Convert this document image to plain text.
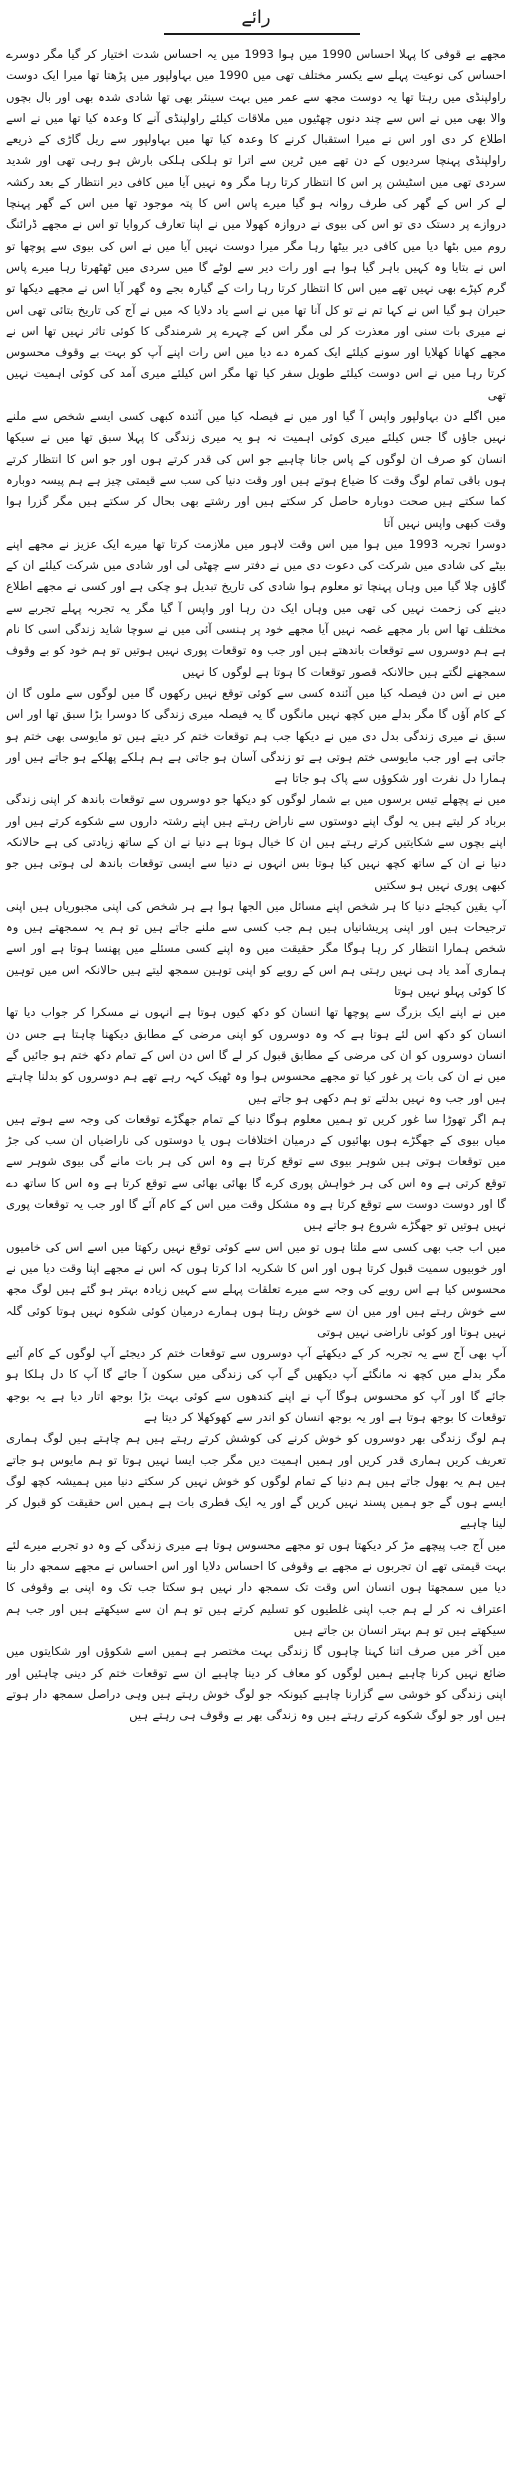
رائے

مجھے بے قوفی کا پہلا احساس 1990 میں ہوا 1993 میں یہ احساس شدت اختیار کر گیا مگر دوسرے احساس کی نوعیت پہلے سے یکسر مختلف تھی میں 1990 میں بہاولپور میں پڑھتا تھا میرا ایک دوست راولپنڈی میں رہتا تھا یہ دوست مجھ سے عمر میں بہت سینئر بھی تھا شادی شدہ بھی اور بال بچوں والا بھی میں نے اس سے چند دنوں چھٹیوں میں ملاقات کیلئے راولپنڈی آنے کا وعدہ کیا تھا میں نے اسے اطلاع کر دی اور اس نے میرا استقبال کرنے کا وعدہ کیا تھا میں بہاولپور سے ریل گاڑی کے ذریعے راولپنڈی پہنچا سردیوں کے دن تھے میں ٹرین سے اترا تو ہلکی ہلکی بارش ہو رہی تھی اور شدید سردی تھی میں اسٹیشن پر اس کا انتظار کرتا رہا مگر وہ نہیں آیا میں کافی دیر انتظار کے بعد رکشہ لے کر اس کے گھر کی طرف روانہ ہو گیا میرے پاس اس کا پتہ موجود تھا میں اس کے گھر پہنچا دروازے پر دستک دی تو اس کی بیوی نے دروازہ کھولا میں نے اپنا تعارف کروایا تو اس نے مجھے ڈرائنگ روم میں بٹھا دیا میں کافی دیر بیٹھا رہا مگر میرا دوست نہیں آیا میں نے اس کی بیوی سے پوچھا تو اس نے بتایا وہ کہیں باہر گیا ہوا ہے اور رات دیر سے لوٹے گا میں سردی میں ٹھٹھرتا رہا میرے پاس گرم کپڑے بھی نہیں تھے میں اس کا انتظار کرتا رہا رات کے گیارہ بجے وہ گھر آیا اس نے مجھے دیکھا تو حیران ہو گیا اس نے کہا تم نے تو کل آنا تھا میں نے اسے یاد دلایا کہ میں نے آج کی تاریخ بتائی تھی اس نے میری بات سنی اور معذرت کر لی مگر اس کے چہرے پر شرمندگی کا کوئی تاثر نہیں تھا اس نے مجھے کھانا کھلایا اور سونے کیلئے ایک کمرہ دے دیا میں اس رات اپنے آپ کو بہت بے وقوف محسوس کرتا رہا میں نے اس دوست کیلئے طویل سفر کیا تھا مگر اس کیلئے میری آمد کی کوئی اہمیت نہیں تھی

میں اگلے دن بہاولپور واپس آ گیا اور میں نے فیصلہ کیا میں آئندہ کبھی کسی ایسے شخص سے ملنے نہیں جاؤں گا جس کیلئے میری کوئی اہمیت نہ ہو یہ میری زندگی کا پہلا سبق تھا میں نے سیکھا انسان کو صرف ان لوگوں کے پاس جانا چاہیے جو اس کی قدر کرتے ہوں اور جو اس کا انتظار کرتے ہوں باقی تمام لوگ وقت کا ضیاع ہوتے ہیں اور وقت دنیا کی سب سے قیمتی چیز ہے ہم پیسہ دوبارہ کما سکتے ہیں صحت دوبارہ حاصل کر سکتے ہیں اور رشتے بھی بحال کر سکتے ہیں مگر گزرا ہوا وقت کبھی واپس نہیں آتا

دوسرا تجربہ 1993 میں ہوا میں اس وقت لاہور میں ملازمت کرتا تھا میرے ایک عزیز نے مجھے اپنے بیٹے کی شادی میں شرکت کی دعوت دی میں نے دفتر سے چھٹی لی اور شادی میں شرکت کیلئے ان کے گاؤں چلا گیا میں وہاں پہنچا تو معلوم ہوا شادی کی تاریخ تبدیل ہو چکی ہے اور کسی نے مجھے اطلاع دینے کی زحمت نہیں کی تھی میں وہاں ایک دن رہا اور واپس آ گیا مگر یہ تجربہ پہلے تجربے سے مختلف تھا اس بار مجھے غصہ نہیں آیا مجھے خود پر ہنسی آئی میں نے سوچا شاید زندگی اسی کا نام ہے ہم دوسروں سے توقعات باندھتے ہیں اور جب وہ توقعات پوری نہیں ہوتیں تو ہم خود کو بے وقوف سمجھنے لگتے ہیں حالانکہ قصور توقعات کا ہوتا ہے لوگوں کا نہیں

میں نے اس دن فیصلہ کیا میں آئندہ کسی سے کوئی توقع نہیں رکھوں گا میں لوگوں سے ملوں گا ان کے کام آؤں گا مگر بدلے میں کچھ نہیں مانگوں گا یہ فیصلہ میری زندگی کا دوسرا بڑا سبق تھا اور اس سبق نے میری زندگی بدل دی میں نے دیکھا جب ہم توقعات ختم کر دیتے ہیں تو مایوسی بھی ختم ہو جاتی ہے اور جب مایوسی ختم ہوتی ہے تو زندگی آسان ہو جاتی ہے ہم ہلکے پھلکے ہو جاتے ہیں اور ہمارا دل نفرت اور شکوؤں سے پاک ہو جاتا ہے

میں نے پچھلے تیس برسوں میں بے شمار لوگوں کو دیکھا جو دوسروں سے توقعات باندھ کر اپنی زندگی برباد کر لیتے ہیں یہ لوگ اپنے دوستوں سے ناراض رہتے ہیں اپنے رشتہ داروں سے شکوے کرتے ہیں اور اپنے بچوں سے شکایتیں کرتے رہتے ہیں ان کا خیال ہوتا ہے دنیا نے ان کے ساتھ زیادتی کی ہے حالانکہ دنیا نے ان کے ساتھ کچھ نہیں کیا ہوتا بس انہوں نے دنیا سے ایسی توقعات باندھ لی ہوتی ہیں جو کبھی پوری نہیں ہو سکتیں

آپ یقین کیجئے دنیا کا ہر شخص اپنے مسائل میں الجھا ہوا ہے ہر شخص کی اپنی مجبوریاں ہیں اپنی ترجیحات ہیں اور اپنی پریشانیاں ہیں ہم جب کسی سے ملنے جاتے ہیں تو ہم یہ سمجھتے ہیں وہ شخص ہمارا انتظار کر رہا ہوگا مگر حقیقت میں وہ اپنے کسی مسئلے میں پھنسا ہوتا ہے اور اسے ہماری آمد یاد ہی نہیں رہتی ہم اس کے رویے کو اپنی توہین سمجھ لیتے ہیں حالانکہ اس میں توہین کا کوئی پہلو نہیں ہوتا

میں نے اپنے ایک بزرگ سے پوچھا تھا انسان کو دکھ کیوں ہوتا ہے انہوں نے مسکرا کر جواب دیا تھا انسان کو دکھ اس لئے ہوتا ہے کہ وہ دوسروں کو اپنی مرضی کے مطابق دیکھنا چاہتا ہے جس دن انسان دوسروں کو ان کی مرضی کے مطابق قبول کر لے گا اس دن اس کے تمام دکھ ختم ہو جائیں گے میں نے ان کی بات پر غور کیا تو مجھے محسوس ہوا وہ ٹھیک کہہ رہے تھے ہم دوسروں کو بدلنا چاہتے ہیں اور جب وہ نہیں بدلتے تو ہم دکھی ہو جاتے ہیں

ہم اگر تھوڑا سا غور کریں تو ہمیں معلوم ہوگا دنیا کے تمام جھگڑے توقعات کی وجہ سے ہوتے ہیں میاں بیوی کے جھگڑے ہوں بھائیوں کے درمیان اختلافات ہوں یا دوستوں کی ناراضیاں ان سب کی جڑ میں توقعات ہوتی ہیں شوہر بیوی سے توقع کرتا ہے وہ اس کی ہر بات مانے گی بیوی شوہر سے توقع کرتی ہے وہ اس کی ہر خواہش پوری کرے گا بھائی بھائی سے توقع کرتا ہے وہ اس کا ساتھ دے گا اور دوست دوست سے توقع کرتا ہے وہ مشکل وقت میں اس کے کام آئے گا اور جب یہ توقعات پوری نہیں ہوتیں تو جھگڑے شروع ہو جاتے ہیں

میں اب جب بھی کسی سے ملتا ہوں تو میں اس سے کوئی توقع نہیں رکھتا میں اسے اس کی خامیوں اور خوبیوں سمیت قبول کرتا ہوں اور اس کا شکریہ ادا کرتا ہوں کہ اس نے مجھے اپنا وقت دیا میں نے محسوس کیا ہے اس رویے کی وجہ سے میرے تعلقات پہلے سے کہیں زیادہ بہتر ہو گئے ہیں لوگ مجھ سے خوش رہتے ہیں اور میں ان سے خوش رہتا ہوں ہمارے درمیان کوئی شکوہ نہیں ہوتا کوئی گلہ نہیں ہوتا اور کوئی ناراضی نہیں ہوتی

آپ بھی آج سے یہ تجربہ کر کے دیکھئے آپ دوسروں سے توقعات ختم کر دیجئے آپ لوگوں کے کام آئیے مگر بدلے میں کچھ نہ مانگئے آپ دیکھیں گے آپ کی زندگی میں سکون آ جائے گا آپ کا دل ہلکا ہو جائے گا اور آپ کو محسوس ہوگا آپ نے اپنے کندھوں سے کوئی بہت بڑا بوجھ اتار دیا ہے یہ بوجھ توقعات کا بوجھ ہوتا ہے اور یہ بوجھ انسان کو اندر سے کھوکھلا کر دیتا ہے

ہم لوگ زندگی بھر دوسروں کو خوش کرنے کی کوشش کرتے رہتے ہیں ہم چاہتے ہیں لوگ ہماری تعریف کریں ہماری قدر کریں اور ہمیں اہمیت دیں مگر جب ایسا نہیں ہوتا تو ہم مایوس ہو جاتے ہیں ہم یہ بھول جاتے ہیں ہم دنیا کے تمام لوگوں کو خوش نہیں کر سکتے دنیا میں ہمیشہ کچھ لوگ ایسے ہوں گے جو ہمیں پسند نہیں کریں گے اور یہ ایک فطری بات ہے ہمیں اس حقیقت کو قبول کر لینا چاہیے

میں آج جب پیچھے مڑ کر دیکھتا ہوں تو مجھے محسوس ہوتا ہے میری زندگی کے وہ دو تجربے میرے لئے بہت قیمتی تھے ان تجربوں نے مجھے بے وقوفی کا احساس دلایا اور اس احساس نے مجھے سمجھ دار بنا دیا میں سمجھتا ہوں انسان اس وقت تک سمجھ دار نہیں ہو سکتا جب تک وہ اپنی بے وقوفی کا اعتراف نہ کر لے ہم جب اپنی غلطیوں کو تسلیم کرتے ہیں تو ہم ان سے سیکھتے ہیں اور جب ہم سیکھتے ہیں تو ہم بہتر انسان بن جاتے ہیں

میں آخر میں صرف اتنا کہنا چاہوں گا زندگی بہت مختصر ہے ہمیں اسے شکوؤں اور شکایتوں میں ضائع نہیں کرنا چاہیے ہمیں لوگوں کو معاف کر دینا چاہیے ان سے توقعات ختم کر دینی چاہئیں اور اپنی زندگی کو خوشی سے گزارنا چاہیے کیونکہ جو لوگ خوش رہتے ہیں وہی دراصل سمجھ دار ہوتے ہیں اور جو لوگ شکوے کرتے رہتے ہیں وہ زندگی بھر بے وقوف ہی رہتے ہیں
